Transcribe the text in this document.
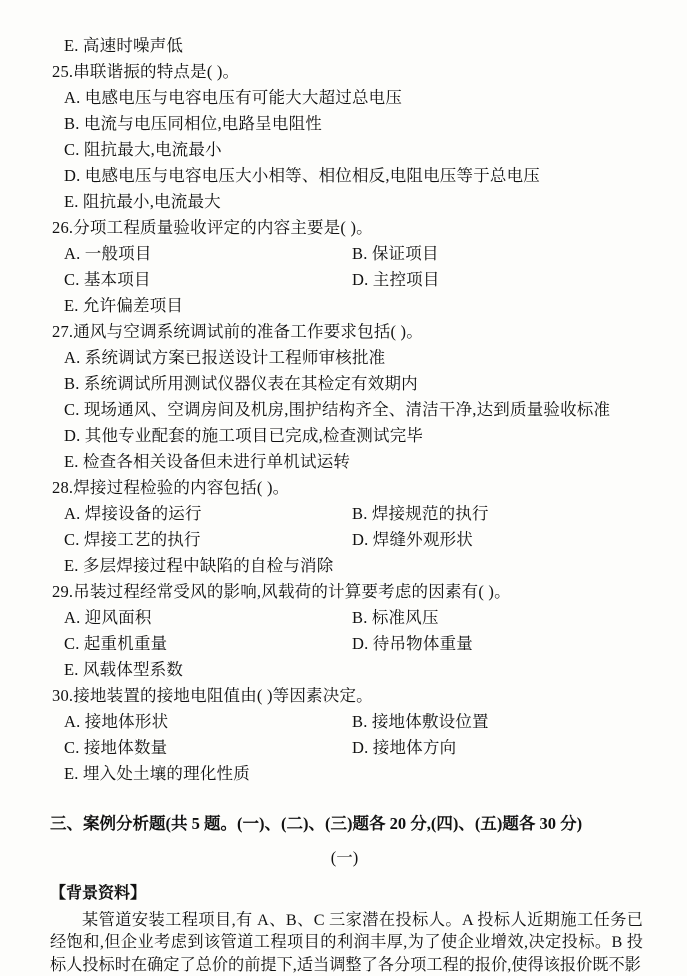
E. 高速时噪声低
25.串联谐振的特点是( )。
A. 电感电压与电容电压有可能大大超过总电压
B. 电流与电压同相位,电路呈电阻性
C. 阻抗最大,电流最小
D. 电感电压与电容电压大小相等、相位相反,电阻电压等于总电压
E. 阻抗最小,电流最大
26.分项工程质量验收评定的内容主要是( )。
A. 一般项目	B. 保证项目
C. 基本项目	D. 主控项目
E. 允许偏差项目
27.通风与空调系统调试前的准备工作要求包括( )。
A. 系统调试方案已报送设计工程师审核批准
B. 系统调试所用测试仪器仪表在其检定有效期内
C. 现场通风、空调房间及机房,围护结构齐全、清洁干净,达到质量验收标准
D. 其他专业配套的施工项目已完成,检查测试完毕
E. 检查各相关设备但未进行单机试运转
28.焊接过程检验的内容包括( )。
A. 焊接设备的运行	B. 焊接规范的执行
C. 焊接工艺的执行	D. 焊缝外观形状
E. 多层焊接过程中缺陷的自检与消除
29.吊装过程经常受风的影响,风载荷的计算要考虑的因素有( )。
A. 迎风面积	B. 标准风压
C. 起重机重量	D. 待吊物体重量
E. 风载体型系数
30.接地装置的接地电阻值由( )等因素决定。
A. 接地体形状	B. 接地体敷设位置
C. 接地体数量	D. 接地体方向
E. 埋入处土壤的理化性质
三、案例分析题(共 5 题。(一)、(二)、(三)题各 20 分,(四)、(五)题各 30 分)
(一)
【背景资料】

某管道安装工程项目,有 A、B、C 三家潜在投标人。A 投标人近期施工任务已经饱和,但企业考虑到该管道工程项目的利润丰厚,为了使企业增效,决定投标。B 投标人投标时在确定了总价的前提下,适当调整了各分项工程的报价,使得该报价既不影
